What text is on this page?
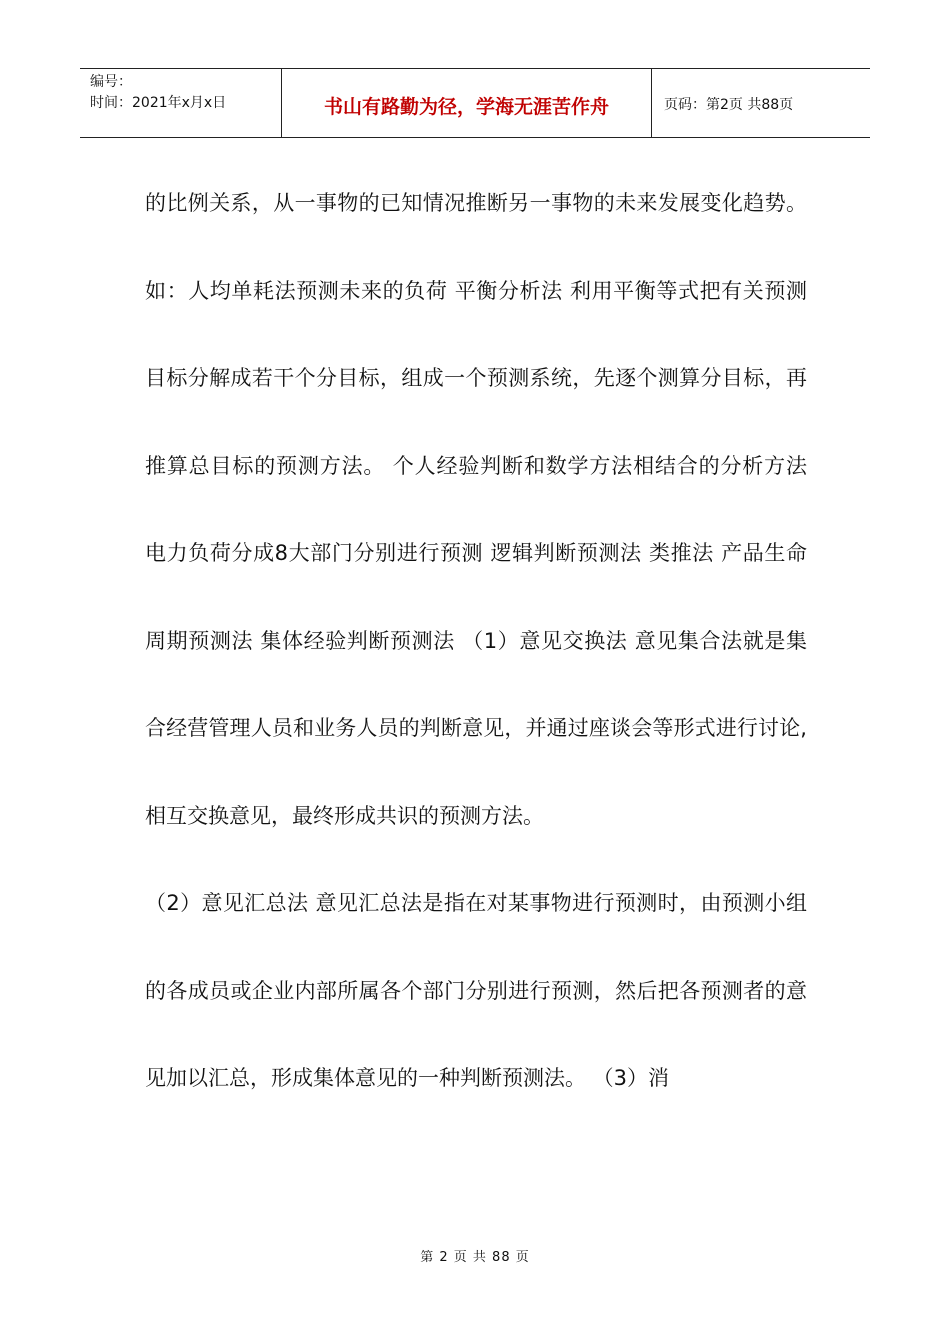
编号：
时间：2021年x月x日	书山有路勤为径，学海无涯苦作舟	页码：第2页 共88页

的比例关系，从一事物的已知情况推断另一事物的未来发展变化趋势。 如：人均单耗法预测未来的负荷 平衡分析法 利用平衡等式把有关预测目标分解成若干个分目标，组成一个预测系统，先逐个测算分目标，再推算总目标的预测方法。 个人经验判断和数学方法相结合的分析方法 电力负荷分成8大部门分别进行预测 逻辑判断预测法 类推法 产品生命周期预测法 集体经验判断预测法 （1）意见交换法 意见集合法就是集合经营管理人员和业务人员的判断意见，并通过座谈会等形式进行讨论,相互交换意见，最终形成共识的预测方法。

（2）意见汇总法 意见汇总法是指在对某事物进行预测时，由预测小组的各成员或企业内部所属各个部门分别进行预测，然后把各预测者的意见加以汇总，形成集体意见的一种判断预测法。 （3）消

第 2 页 共 88 页
